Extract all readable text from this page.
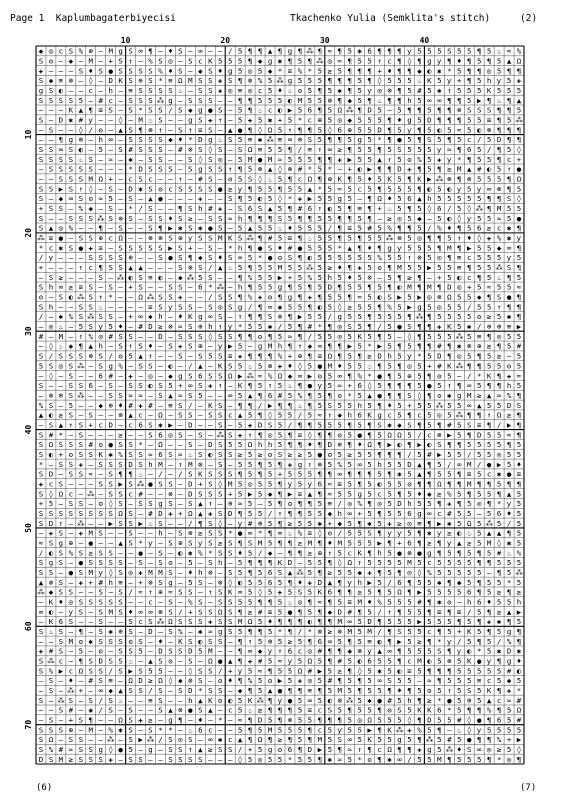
Page 1 Kaplumbagaterbiyecisi	Tkachenko Yulia (Semklita's stitch)	(2)
◆ ◎ c S % ⊕ – M g S ∞ ¶ – ♦ S – ∞ – – / 5 ¶ ¶ ▲ ¶ g ¶ ⁂ ¶ ≈ ¶ 5 ✱ 6 ¶ ¶ ¶ ƴ 5 5 5 S 5 5 ¶ 5 ♨ ≈ %
S ʘ – ◆ – M – + S ↑ – % S ◎ – S c K 5 5 5 ¶ ◆ g ✱ ¶ 5 ¶ ⁂ ◎ ≈ ¶ 5 5 ↑ c ¶ ◊ ¶ g ƴ ¶ ♦ ¶ 5 ¶ 5 ▲ Ω
✚ – – – S ♦ S ● S S S S % ♦ S – ◆ S ♦ g 5 ◎ 5 ◆ * ≡ % * 5 ≥ 5 ¶ ¶ ¶ + ♦ ¶ ¶ ◆ ◐ ✱ * 5 ¶ ¶ ◎ 5 ¶ ¶
S ◆ ≡ ⊗ – ◊ – D K S ⊕ S * ≡ Ω M S S ✚ S ¶ ⊗ % 5 ⁂ g 5 5 5 ¶ ¶ ¶ 5 ¶ ◊ 5 5 5 ♨ K 5 ƴ + ¶ 5 h ƴ 5 ✚
g S ◐ – – c – h – ≡ S S S S ♨ – S S ✚ ◎ ≡ ◎ c 5 ♦ ♨ ʘ 5 ¶ 5 ✱ ¶ 5 ƴ ◎ ⊗ ¶ 5 # 5 ✱ ↑ 5 5 5 K 5 5 5
S S S S 5 – # c – S S S ⁂ g – S S S – – ¶ ¶ 5 5 5 ◐ M 5 5 ⊗ ¶ ◆ 5 ¶ ♨ ¶ ¶ h 5 ∞ ∞ ¶ ¶ 5 ▶ ¶ ♨ ¶ ▲
– – – K ▲ ¶ ≡ S – S * S S / S ◆ g ● S – 5 ¶ ♨ c ◐ ▶ 5 6 ¶ 5 Ω ⁂ ¶ D 5 – 5 ¶ ¶ 5 ¶ ¶ ⊗ S S S ¶ ¶ 5
S – D ✱ # ƴ – – ◊ – M ♨ S – – g S ✚ ↑ – 5 ✚ 5 ✱ + 5 * c ⊕ 5 ◎ ◆ 5 5 5 ¶ ♦ g 5 D ¶ ¶ ¶ 5 5 ≡ ¶ 5 ⁂
– S – – ◊ / ʘ – ▲ S ¶ ⊗ ↑ – S ↑ ≡ S – ▲ ● ¶ ◊ Ω 5 ↑ ¶ ¶ 5 ◊ 6 ⊕ 5 5 D ¶ 5 ƴ ¶ 5 ◐ 5 ≈ 5 ◐ ⊗ ¶ ¶ ¶
– – ¶ g ⊕ – h ∞ – S S S S ◆ ♦ * D g ♨ S 5 ≡ ✱ ⁂ ≡ ∞ ⊕ S 5 ¶ ¶ 5 g 5 * ¶ ● 5 ¶ S 5 ¶ 5 c / 5 D ¶ ¶
S S ∞ S ◐ – 5 – S # S S S – # ⊗ S ◊ S – S Ω ≡ 5 5 ¶ / ≡ ↑ ∞ ≥ ¶ 5 5 ¶ 5 S 5 5 5 ƴ ≈ ¶ 6 5 / ¶ 5 ◊
S S S S ♨ S – ≈ – ✱ – S S – – S ◊ S ◎ – 5 M ● M ≈ 5 5 5 ¶ ¶ ✚ ▶ 5 5 ▲ ↑ 5 ʘ % 5 ✚ ƴ * ¶ 5 5 ¶ c +
– S S S S S – – – * D S S S – S g S S ↑ ¶ 5 ⊗ ▲ ◊ ⊗ # * 5 * – + ◐ ▶ ¶ ¶ D ✚ ¶ 5 ¶ ≥ M ▲ # ◐ 5 ↑ ●
– – S S S M Ω + – c S c – – ↑ – # S – ʘ 5 S ◊ ♨ 5 ¶ c Ω ¶ ⊕ K ¶ 5 ♦ 5 K 5 ¶ K ▶ ⁂ ⊗ ¶ ⊗ 5 5 5 ¶ Ω
S S ▶ S ↑ ◊ – S – D ✱ S ʘ c S S S S ● ≥ ƴ ¶ 5 5 ¶ 5 5 ▲ * 5 ≈ 5 c 5 ¶ 5 5 5 ¶ ◐ 5 ◐ ƴ 5 ƴ ∞ ⊗ ¶ 5
S – ◆ ∞ S ʘ ≈ 5 – S – ▲ ● – – – ✚ – – S ¶ 5 ◐ 5 ◊ * ✚ ▶ 5 5 g 5 – ¶ Ω ♦ 5 6 ▲ h 5 5 5 5 5 ¶ ¶ S ◊
+ S S – % ◆ – S – * / S – – ¶ S h # ✚ – S 6 S ▲ 5 ¶ # 6 ↑ ◐ 5 ¶ ≡ ¶ + ♨ 5 ¶ 5 ◊ 6 / 5 ◊ ⁂ ¶ M 5 5
S – – S S S ⁂ S ⊗ S – S S ♦ S ≥ – S S ≈ h ¶ ¶ ¶ S 5 ¶ ¶ 5 5 ¶ ¶ 5 ¶ – ≥ ◎ 5 ◆ – 5 ◐ ◊ ƴ 5 5 ≈ 5 ●
S ▲ ◎ % – – ¶ – S – – S ¶ ▶ ✱ S ✱ ● S – 5 ▲ 5 5 ♨ ♦ 5 5 5 / ¶ ≡ 5 # 5 % ¶ ¶ 5 / % ♦ ¶ 5 6 ≥ c ✱ ¶
⁂ ≡ ● – S S ⊕ c Ω – – ⊗ ⊗ S ⊕ ƴ S S M K S ⁂ ¶ # 5 ≡ ¶ ♨ 5 5 ¶ 5 ¶ 5 5 ⁂ ⊗ 5 ◎ ¶ ¶ 5 ↑ ♦ ◊ ✚ % ✱ ƴ
* c ✱ S ● ✚ ≡ – S S S S S ▶ S + – S – * h ¶ ● S ♦ # ● 5 5 5 * ▲ ¶ ♦ ¶ g ƴ 5 5 5 ¶ M ¶ ▶ 5 5 ◆ ∞ ¶
/ ƴ – – – S S S S ⊕ – – S ● S ¶ ◆ S ♦ S ∞ 5 * ● ʘ S ¶ ◐ 5 5 5 5 5 5 % 5 5 ↑ ⊗ 5 ◎ ¶ ≡ c 5 5 5 ƴ 5
+ – – – ↑ c ¶ S S ▲ ▲ – – – S ⊗ S / ▲ ♨ 5 ¶ 5 5 M 5 5 ⁂ 5 ≥ ♦ ¶ ✚ 5 ʘ ¶ M 5 5 ▶ 5 5 ≡ ¶ 5 5 ⁂ S ¶
– S ≥ – – – S – ⁂ ◐ S ≡ ◐ – ◆ ⁂ 5 S – – ¶ % 5 5 ▶ + 5 % 5 h 5 ♦ 5 ⊗ – 5 ¶ ≥ ¶ – + 5 ◐ c ¶ 5 ♨ ¶ 5
S h ∞ ≥ ≡ S – S – + S – – S S – 6 * ⁂ – h ¶ 5 5 g ¶ 5 ¶ 5 D ¶ 5 5 ¶ 5 ¶ ◐ M ¶ M ¶ D ◎ + 5 ≈ 5 5 ≈
ʘ – S ◐ ⁂ S ↑ * – – Ω ⁂ S S ✚ – – / S S ¶ % ✚ ʘ ¶ g ¶ ✚ ¶ 5 5 ¶ ≈ 5 ◐ S ▶ 5 ▶ ◎ ⊗ Ω 5 5 ◆ ¶ S ● ¶
S h – – S S ♨ – – – – ≡ S ƴ S S – S ◎ S g / ¶ ∞ ◆ 5 5 ¶ ◐ 5 ◊ ≥ 5 5 ¶ % 5 ▶ g 5 ◎ 5 5 / 5 5 ↑ ¶ ¶
/ – ✱ % S ⁂ S S – + ∞ ✱ h – ♦ K g ∞ S – ↑ ¶ ¶ S ⊗ ¶ ▶ 5 5 / g 5 5 ¶ 5 5 5 ¶ ⁂ ¶ 5 5 5 5 ʘ ≥ 5 ✱ ¶
– ◎ ♨ – 5 S ƴ 5 ♦ – # D ≥ ⊗ ≈ S ⊕ h ↑ ƴ * 5 5 ✱ / 5 ¶ # * ¶ ◎ S 5 ¶ / 5 ● S ¶ ¶ ✚ K 5 ✱ / ⊕ ⊕ ≡ ▶
# – M – ↑ % ◎ # S S – – D – S S S ◊ S S ¶ ¶ ʘ ¶ 5 ≈ ¶ / 5 5 ◎ 5 K 5 ¶ 5 – ◊ ¶ 5 5 5 ⁂ 5 ≡ ¶ ◎ 5 5
– ◊ ♨ ◆ ¶ ▲ h – S ↑ S ♦ – S ✚ S ⊕ – ƴ ▶ 5 – g M h ¶ ↑ ◆ ∞ ¶ ¶ ▶ 5 * ▶ 5 ¶ 5 ¶ ¶ # ¶ ✱ ⊗ ⊕ ≥ ¶ 5 #
S / S S S ⊗ S / ʘ 5 ▲ ↑ – – S – S 5 S ≡ ✚ ¶ ¶ ¶ % + ⊕ ¶ ≡ Ω ¶ 5 ¶ ≥ D h 5 ƴ * 5 D ¶ ◎ 5 ¶ 5 ≥ – 5
5 S ◎ S ⁂ – S g % – S S – ◐ – / ▲ – K S 5 ♨ 5 ⊗ ✚ ♦ ◊ 5 ● M ♦ 5 5 ♨ ¶ 5 ¶ ◎ 5 + # K ⁂ ¶ ¶ 5 5 ʘ 5
– ◊ – S – – 6 # – ✚ – ◎ – ◆ g S 6 S S Ω ▶ ⁂ ≈ % Ω ◆ ∞ ▶ ʘ 5 ∞ ¶ % * ● ¶ 5 ⊕ 5 ¶ ʘ 5 – / * K ¶ ✚ ≈
S – – S S 6 – S – S S ◐ S 5 + ∞ S ✚ ↑ – K ¶ 5 ↑ 5 ♨ ¶ ● ƴ 5 ≈ + 6 ◊ 5 ¶ ¶ ¶ 5 ● 5 ↑ ¶ ∞ 5 ¶ ¶ h 5
– ⊗ ⊕ S ⁂ – – S S ≈ ≈ – S ▲ ≈ S 5 – – ∞ 5 ▲ ¶ 6 # 5 % ¶ 5 ¶ ʘ * 5 ▲ ● ¶ ¶ S ◊ ¶ ʘ ✱ g M ≥ ▲ ≈ % ¶
% S – 5 – – ◆ ⊕ ♦ # ✚ # – ≡ S / – K S – ¶ ¶ / ▶ ¶ ¶ ♨ ¶ 5 S 5 5 h 5 ¶ ♦ 5 + 5 5 ⁂ 5 5 ∞ ▲ 5 5 D S
▲ ◐ ≥ S – S – – ⊗ ▲ c – Ω – S S – S S c ▲ 5 ¶ ◊ 5 5 / 5 ≈ ↑ ◆ h 6 K g c 5 ¶ c 5 ◎ 5 ⁂ ¶ ¶ ↑ Ω ≥ ¶
– S ▲ ↑ S + c D – c 6 S ✱ ▶ – D – – S – 5 ✚ D S 5 / ¶ ¶ 5 5 5 ¶ 5 ¶ S ✱ ◆ S ¶ 5 ¶ # 5 S ≡ ¶ / ▶ ¶
S # * – S – – – ≥ – – S 6 ◎ S – S – ⁂ S ✚ ↑ ¶ ◎ 5 ¶ ≡ ◊ ¶ ¶ ʘ 5 ● ¶ 5 Ω Ω 5 / c ⊗ ▶ 5 ¶ D 5 5 ≈ ¶
S Ω S S S # ʘ ● S S * – Ω – – S – D S 5 5 Ω h h 5 ¶ ¶ ♦ ¶ D ⊕ ¶ ♦ Ω ¶ ▶ ◐ ¶ ▶ ◐ S ¶ ¶ 5 5 5 5 ¶ 5
S ◐ + ʘ S S K ✱ % S S ≈ 6 S ≈ ♨ S ◐ S S ≥ 5 ≥ ʘ S ≥ ≥ 5 ● ʘ 5 ≥ 5 5 ¶ ¶ ¶ / 5 # ▶ 5 5 / 5 5 ◎ 5 5
* – S S ✚ – S S S D S h M – ↑ M ⊗ – S – 5 5 ¶ 5 ¶ ✚ g ↑ ⊕ 5 % 5 ∞ 5 h 5 5 D ▲ ¶ 5 / ∞ M / ● ▶ 5 ♦
S D – S S ≈ – S ¶ ¶ ♨ – / – / S K S S S ¶ 5 ¶ 5 + 5 5 5 ¶ ¶ ∞ ¶ ¶ ¶ 5 ¶ ✱ 5 ▲ ¶ 5 5 ¶ ≡ 5 c ✱ ● ≡
✚ c S – – – S S ▶ S ⁂ ● S S – D + S ◊ M 5 ◎ 5 5 ¶ ƴ 5 ƴ 6 ≈ ≡ 5 ¶ 5 ◐ 5 5 ʘ ¶ ¶ Ω ¶ ¶ M ¶ ¶ 5 ¶ ¶
S ◊ Ω c – ⁂ – S S c # – – ⊗ – D S S S + 5 ▶ 5 ◆ ¶ ▶ ≡ ▲ ¶ ≈ 5 5 g 5 c 5 ¶ 5 ♦ ◆ ≥ % 5 ¶ 5 5 ¶ ▲ 5
+ 5 – S S – ʘ ◊ S – S S g S – S ▲ ↑ – ⊕ ≈ 5 – 5 ¶ ʘ ¶ ¶ 5 ≡ / ◎ % ¶ ◎ 5 D h 5 5 ¶ ✚ ¶ 5 ◎ ¶ * ƴ 5
S S S S S S S S Ω S – # D ✚ + Ω ▲ ✚ S D ¶ 5 5 / ↑ ¶ ¶ 5 5 ◆ h ∞ + 5 ¶ 5 5 6 g ∞ c # 5 5 – 5 6 ♦ 5
S D ↑ – ⁂ – – ▶ S S ▶ ♨ S – – / ¶ S ◊ – ƴ # ⊕ 5 ¶ ≥ 5 5 ✱ + ◆ 5 ¶ ✱ 5 ✚ ≥ ◎ ≡ ¶ ▶ ✱ 5 Ω 5 ⁂ 5 / 5
– ✚ S – ✚ M S – – S – – h – S ⊗ ≥ S S * ● ∞ * ¶ ∞ ♨ % ≡ ◊ ʘ / 5 5 S ¶ ƴ ƴ 5 ¶ ✱ ƴ ≥ ◐ ♨ 5 ▲ ▲ ¶ 5
≈ S g ⊕ – ● – – ▲ S * ƴ – S ⊕ S ƴ S ≥ S ¶ S M 5 ¶ ¶ ≥ M ¶ ♦ M 5 5 5 ▶ ¶ + 6 ¶ ≥ ¶ ƴ ▲ ≥ 5 M ◊ ✱ 5
/ ◐ S % S ≥ S S – – ● – S – ◐ ✱ % * S S ♦ 5 / ◆ – ¶ ¶ ≥ ⊕ ↑ 5 c K ¶ h 5 ● ⊗ ● g ¶ 5 ¶ 5 ¶ 5 # ♨ %
S g S – ● S S S S – S – S ʘ – 5 – S h – 5 ¶ ¶ ¶ K D – 5 5 ¶ ◊ Ω ↑ 5 5 5 5 M 5 c 5 5 5 5 ¶ ¶ 5 5 5
S S – ● S M ƴ ◊ S ◎ ✚ M M S – ♦ h ⊗ – S 5 ¶ 5 6 S ▲ ⁂ 5 ¶ ≥ 5 5 ◆ ✚ ¶ 5 ¶ ◎ ◊ % 5 5 5 5 5 – ¶ 5 ⁂
▲ ⊗ S – ✚ + # h ≡ – + ⊗ S g – 5 S – ⊗ ◊ ◐ 5 5 6 5 ¶ ♦ ✚ D ▲ ¶ ƴ h ▶ 5 / 6 ¶ 5 5 ✱ ¶ ◆ 5 ¶ 5 5 * 5
⁂ ◆ S S – – S – S / ≈ ↑ ⊕ ≈ S S – ↑ S K ∞ 5 ◊ 5 ✚ 5 S 5 K 6 ¶ ¶ ≥ 5 ¶ 5 Ω ¶ ▶ 5 5 5 5 6 ¶ 5 ≥ ¶ ≥
– K ♦ ◎ S S S S S – – c – S – % S – S S 5 5 ¶ ¶ 5 ♨ ◎ ¶ ≈ ¶ 5 ≡ M ♦ % 5 5 5 # ¶ ✱ ʘ – h 6 ♦ 5 5 h
∞ ◐ – ƴ S – S M S ♦ ∞ ∞ ⊗ S / + S S Ω S ¶ ≥ # ≡ 5 ● ¶ 5 ¶ ◆ D # ¶ 5 / ↑ ¶ 5 5 ¶ ≡ ¶ ≡ / 5 ¶ ≥ ▲ ▶
– K 6 S – – S – – S c S ⁂ Ω S S S ✚ S S M Ω 5 ♦ ¶ ¶ ¶ ◐ ¶ ¶ M ∞ 5 D ¶ 5 5 5 ▶ 5 5 5 ¶ 5 ¶ ✚ ✱ ¶ 5
S ♨ S – ¶ – S ✱ ⊕ S – D – S % – ✱ ≈ g S 5 ¶ ¶ 5 * ¶ / * ⊗ ≥ ⊗ M 5 M / ¶ S 5 5 c ¶ 5 + K 5 ¶ 5 g ¶
– – S M ʘ ✱ S S S ʘ S – ♦ – K S ◐ S S – ¶ ↑ 5 ⊕ 5 ≥ 5 ¶ 6 ∞ 5 ¶ 5 ≡ ◐ ¶ ▶ 5 ≥ ¶ * ƴ / 5 ¶ 5 / % ¶
✚ # S – 5 – ʘ – S S 5 – D S S D 5 M – – ¶ ∞ ◆ ƴ ↑ 6 c ◎ # ¶ ¶ ◆ ⊗ ƴ ▲ ∞ ¶ 5 5 5 S ¶ ƴ ◐ * 5 ✱ D ✱
S ⁂ c – ¶ S D S S ♨ – ▲ S ʘ – S – Ω ● ▲ ¶ ✚ # 5 ≈ ƴ 5 Ω 5 ¶ # 5 ◐ 6 5 5 ¶ c M ◐ 5 ⊗ 5 K ● ƴ ¶ g ♦
S % ▶ c Ω S S / S ▶ S 5 5 – – ◊ S S / + ƴ 5 ≈ ¶ 5 5 Ω # ▶ 5 ≥ ¶ ◊ 5 ✱ 5 ◐ ≡ 5 ¶ ¶ ¶ 5 5 5 5 5 # ◐
– S – ♦ – # S ≡ – Ω D ≥ Ω ◊ ◆ ⊗ S – ʘ ♦ ¶ % 5 ʘ ▶ 5 ✚ ◎ 5 # ¶ 5 ¶ 5 ∞ S 5 5 – ≈ ¶ 5 5 5 ≡ c 5 ◆ 5
– S – ⁂ + – ∞ ◆ ▲ S S / S – S D * S S – ◆ ¶ 5 ▲ ● ¶ ¶ ≡ ¶ 5 M 5 ¶ 5 5 ¶ ♦ ¶ 5 ʘ 5 ↑ 5 S 5 K ¶ ✚ *
S – ⁂ S – S / S ♨ – – ≡ S – – h ▲ K ʘ ◐ 5 K ⁂ ¶ ƴ ● 5 ∞ 5 ◐ ⊗ ⁂ 5 ✱ ● # 5 h ¶ ≥ * ● 5 ⊕ 5 ▲ c ≈ #
– – S # – ◆ / S – S – – S ▲ ⊗ ● S ▲ – c 5 ♨ ≥ ¶ ¶ ¶ 5 ≡ c S 5 ¶ 5 5 ¶ ʘ S 5 K K 6 * 5 ¶ ¶ % ¶ 5 Ω
– S – + S ¶ – – Ω S ✚ ≥ – g ¶ – ♦ – * – ≈ ¶ D 5 ¶ ⊗ 5 5 ¶ ¶ ¶ 5 ◎ Ω 5 5 5 ◊ ¶ D 5 5 # ◊ ● ¶ 6 5 #
S S S ⊕ – M – % ✱ S – S * * – ♨ 6 c – – 5 ¶ 5 M 5 5 5 ¶ c 5 ƴ 5 5 ▶ ¶ K ⁂ ✚ % 5 ¶ – ♨ ◊ ƴ 5 5 5 5
S Ω – S S – – ⁂ – S ▶ ⁂ / S ◎ S – ∞ ✱ c ▲ ¶ Ω ¶ ≥ ¶ 5 ¶ M 5 S ∞ 5 K 5 5 g 5 ¶ ⁂ 5 # 5 ● ¶ ¶ % + ▶
S % # ≈ S S g ◊ ● 5 – g – S S ↑ ▲ ≥ S S / + 5 g ʘ 6 ¶ D ▶ 5 ¶ ≈ ↑ ¶ c Ω ¶ ¶ ✚ g 5 ⁂ ♦ S ∞ ◎ ≥ 5 ◊
D S M ≥ S S S ✚ – S S – – S S S S – – – ◊ 5 ◎ 5 5 * 5 5 ¶ ✱ ≈ 5 * ʘ ¶ ✱ ∞ / 5 5 M ¶ 5 5 5 ¶ * ◎ ¶
10	20	30	40
10
20
30
40
50
60
70
(6)	(7)
